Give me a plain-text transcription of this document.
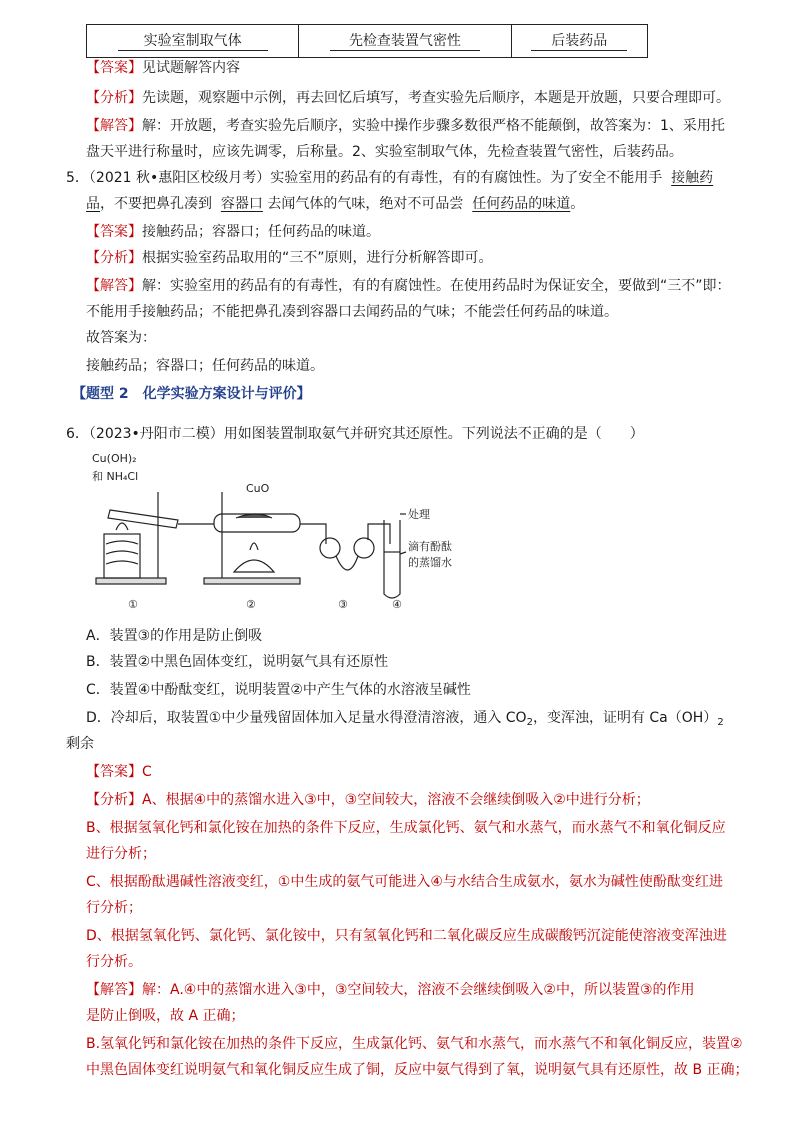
实验室制取气体	先检查装置气密性	后装药品
【答案】见试题解答内容
【分析】先读题，观察题中示例，再去回忆后填写，考查实验先后顺序，本题是开放题，只要合理即可。
【解答】解：开放题，考查实验先后顺序，实验中操作步骤多数很严格不能颠倒，故答案为：1、采用托
盘天平进行称量时，应该先调零，后称量。2、实验室制取气体，先检查装置气密性，后装药品。
5．（2021 秋•惠阳区校级月考）实验室用的药品有的有毒性，有的有腐蚀性。为了安全不能用手 接触药
品，不要把鼻孔凑到 容器口 去闻气体的气味，绝对不可品尝 任何药品的味道。
【答案】接触药品；容器口；任何药品的味道。
【分析】根据实验室药品取用的“三不”原则，进行分析解答即可。
【解答】解：实验室用的药品有的有毒性，有的有腐蚀性。在使用药品时为保证安全，要做到“三不”即：
不能用手接触药品；不能把鼻孔凑到容器口去闻药品的气味；不能尝任何药品的味道。
故答案为：
接触药品；容器口；任何药品的味道。
【题型 2　化学实验方案设计与评价】
6．（2023•丹阳市二模）用如图装置制取氨气并研究其还原性。下列说法不正确的是（　　）
Cu(OH)₂
和 NH₄Cl
CuO
处理
滴有酚酞
的蒸馏水
①	②	③	④
A．装置③的作用是防止倒吸
B．装置②中黑色固体变红，说明氨气具有还原性
C．装置④中酚酞变红，说明装置②中产生气体的水溶液呈碱性
D．冷却后，取装置①中少量残留固体加入足量水得澄清溶液，通入 $CO_2$，变浑浊，证明有 $Ca(OH)_2$
剩余
【答案】C
【分析】A、根据④中的蒸馏水进入③中，③空间较大，溶液不会继续倒吸入②中进行分析；
B、根据氢氧化钙和氯化铵在加热的条件下反应，生成氯化钙、氨气和水蒸气，而水蒸气不和氧化铜反应
进行分析；
C、根据酚酞遇碱性溶液变红，①中生成的氨气可能进入④与水结合生成氨水，氨水为碱性使酚酞变红进
行分析；
D、根据氢氧化钙、氯化钙、氯化铵中，只有氢氧化钙和二氧化碳反应生成碳酸钙沉淀能使溶液变浑浊进
行分析。
【解答】解：A.④中的蒸馏水进入③中，③空间较大，溶液不会继续倒吸入②中，所以装置③的作用
是防止倒吸，故 A 正确；
B.氢氧化钙和氯化铵在加热的条件下反应，生成氯化钙、氨气和水蒸气，而水蒸气不和氧化铜反应，装置②
中黑色固体变红说明氨气和氧化铜反应生成了铜，反应中氨气得到了氧，说明氨气具有还原性，故 B 正确；
